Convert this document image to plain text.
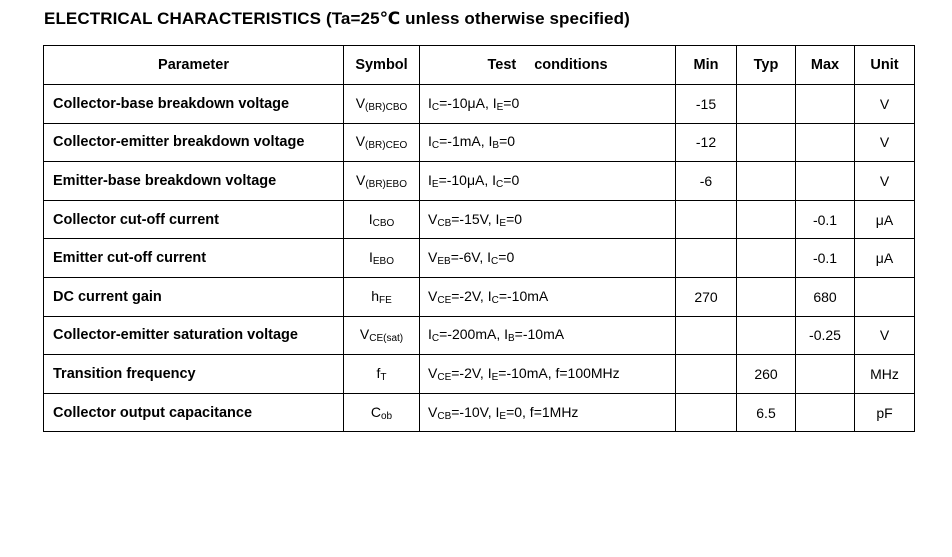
ELECTRICAL CHARACTERISTICS (Ta=25℃ unless otherwise specified)
Parameter	Symbol	Test conditions	Min	Typ	Max	Unit
Collector-base breakdown voltage	$V_{(BR)CBO}$	$I_C=-10\mu A$, $I_E=0$	-15			V
Collector-emitter breakdown voltage	$V_{(BR)CEO}$	$I_C=-1mA$, $I_B=0$	-12			V
Emitter-base breakdown voltage	$V_{(BR)EBO}$	$I_E=-10\mu A$, $I_C=0$	-6			V
Collector cut-off current	$I_{CBO}$	$V_{CB}=-15V$, $I_E=0$			-0.1	μA
Emitter cut-off current	$I_{EBO}$	$V_{EB}=-6V$, $I_C=0$			-0.1	μA
DC current gain	$h_{FE}$	$V_{CE}=-2V$, $I_C=-10mA$	270		680	
Collector-emitter saturation voltage	$V_{CE(sat)}$	$I_C=-200mA$, $I_B=-10mA$			-0.25	V
Transition frequency	$f_T$	$V_{CE}=-2V$, $I_E=-10mA$, f=100MHz		260		MHz
Collector output capacitance	$C_{ob}$	$V_{CB}=-10V$, $I_E=0$, f=1MHz		6.5		pF
